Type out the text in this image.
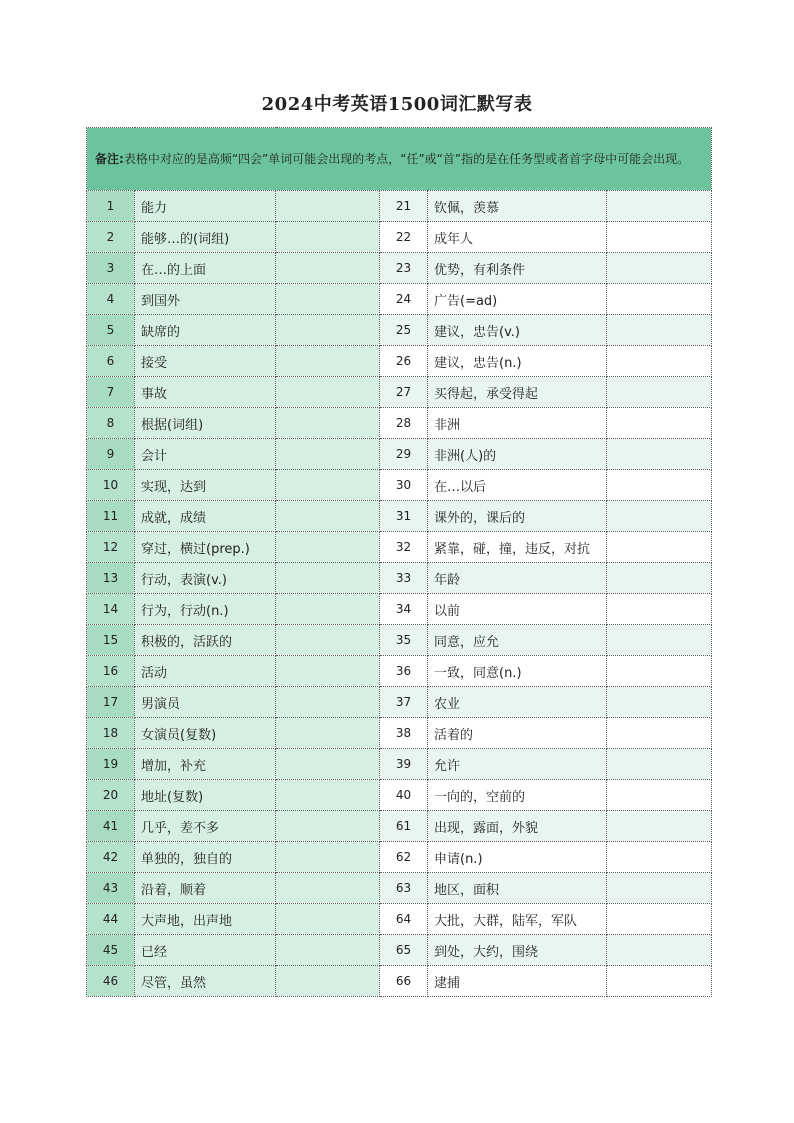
2024中考英语1500词汇默写表
备注:表格中对应的是高频“四会”单词可能会出现的考点，“任”或“首”指的是在任务型或者首字母中可能会出现。					
1	能力		21	钦佩，羡慕	
2	能够…的(词组)		22	成年人	
3	在…的上面		23	优势，有利条件	
4	到国外		24	广告(=ad)	
5	缺席的		25	建议，忠告(v.)	
6	接受		26	建议，忠告(n.)	
7	事故		27	买得起，承受得起	
8	根据(词组)		28	非洲	
9	会计		29	非洲(人)的	
10	实现，达到		30	在…以后	
11	成就，成绩		31	课外的，课后的	
12	穿过，横过(prep.)		32	紧靠，碰，撞，违反，对抗	
13	行动，表演(v.)		33	年龄	
14	行为，行动(n.)		34	以前	
15	积极的，活跃的		35	同意，应允	
16	活动		36	一致，同意(n.)	
17	男演员		37	农业	
18	女演员(复数)		38	活着的	
19	增加，补充		39	允许	
20	地址(复数)		40	一向的，空前的	
41	几乎，差不多		61	出现，露面，外貌	
42	单独的，独自的		62	申请(n.)	
43	沿着，顺着		63	地区，面积	
44	大声地，出声地		64	大批，大群，陆军，军队	
45	已经		65	到处，大约，围绕	
46	尽管，虽然		66	逮捕	
